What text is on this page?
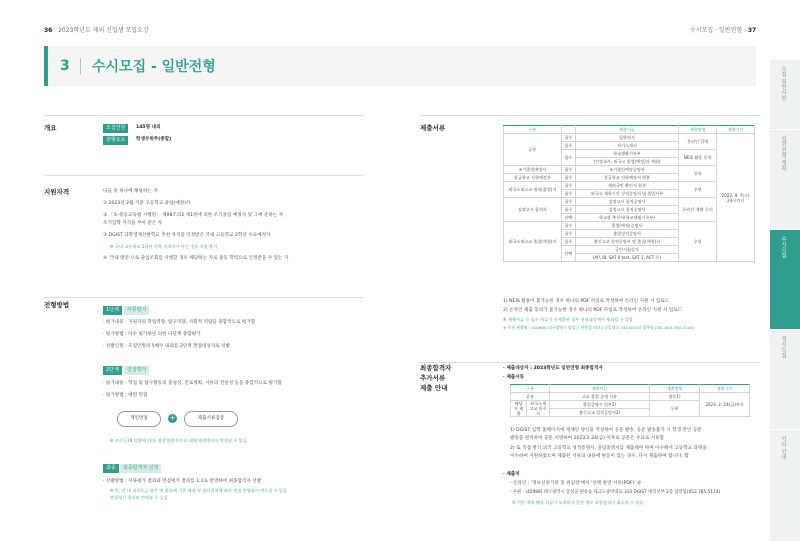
36 2023학년도 재외 신입생 모집요강	수시모집 · 일반전형 37
3 수시모집 - 일반전형	모집 일반사항
입학전형 계획
수시모집
정시모집
기타 안내
개요	모집인원	145명 내외
전형요소	학생부위주(종합)
지원자격	다음 중 하나에 해당하는 자
① 2023년 2월 기준 고등학교 졸업(예정)자
② 「초·중등교육법 시행령」 제98조의2 제1항에 의한 조기졸업 예정자 및 그에 준하는 자
조기입학 자격을 부여 받은 자
③ DGIST 과학영재선발학교 추천 자격을 인정받은 국내 고등학교 2학년 수료예정자
※ 국내 고등학교 2학년 진학 자격자가 아닌 경우 지원 불가
④ '국내 방문'으로 졸업조회를 시행할 경우 해당하는 자로 중등 학력으로 인정받을 수 있는 자
전형방법
1단계	서류평가
· 평가내용 : 지원자의 학업역량, 탐구역량, 사회적 역량을 종합적으로 평가함
· 평가방법 : 다수 평가위원 의한 다단계 종합평가
· 선발인원 : 모집인원의 5배수 내외를 2단계 면접대상자로 선발
2단계	면접평가
· 평가내용 : 학업 및 탐구활동의 충실성, 진로계획, 서류의 진실성 등을 종합적으로 평가함
· 평가방법 : 대면 면접
개인면접	+	제출서류검증
※ 코로나19 상황에 따라, 화상면접 등으로 대체 면접방식이 변경될 수 있음
최종	최종합격자 선정
· 선발방법 : 서류평가 결과와 면접평가 결과를 1:1로 반영하여 최종합격자 선발
※ 단, 각 내 과목등급 평가 및 발표에 기준 배점 및 심사결과에 따라 면접 반영률이 변동될 수 있음
면접평가 결과의 반영률 수 있음
제출서류	구분		제출서류	제출방법	제출기간
공통	필수	입학원서	온라인 입력	2022. 9. 7(수) 24시까지
	필수	자기소개서		
	필수	학교생활기록부	NEIS 활용 동의	
		(인정교사, 외국고 졸업(예정)자 제외)		
조기졸업예정자	필수	조기졸업예정증명서	등록	
상급학교 진학예정자	필수	상급학교 진학예정서 원본		
외국소재고교 재학(졸업)자	필수	재외국민 확인서 원본	우편	
	필수	외국고 재학기간 성적증명서 및 졸업사본		
검정고시 합격자	필수	검정고시 합격증명서	온라인 제출 동의	
	필수	검정고시 성적증명서		
	선택	학교장 추천서(학교생활기록부)		
외국소재고교 졸업(예정)자	필수	졸업(예정)증명서	우편	
	필수	졸업성적증명서		
	필수	출신고교 성적증명서 및 졸업(예정)서		
	선택	공인시험성적		
		(AP, IB, SAT II test, SAT 1, ACT 등)		
1) NEIS 활용이 불가능한 경우 하나의 PDF 파일로 작성하여 온라인 지원 시 업로드
2) 온라인 제출 동의가 불가능한 경우 하나의 PDF 파일로 작성하여 온라인 지원 시 업로드
※ 제출서류 중 필수 서류가 미제출된 경우 전형대상에서 제외될 수 있음
※ 우편 제출처 : (42988) 대구광역시 달성군 현풍읍 테크노중앙대로 333 DGIST 입학팀 (TEL:053-785-5114)
최종합격자
추가서류
제출 안내
· 제출대상자 : 2023학년도 일반전형 최종합격자
· 제출서류
구분		제출서류	제출방법	제출기간
공통		고교 졸업 증명 사유	방문1)	2023. 2. 24(금)까지
해당자 제출	외국소재고교 이수자	졸업증명서 원본2)	우편	
		출신고교 성적증명서2)		
1) DGIST 입학 홈페이지에 게재된 양식을 작성하여 공문 발송, 공문 발송불가 시 학생 본인 공문
발송을 원칙하여 공문 서명하여 2023.2.24(금) 이후로 공문은 우표로 서류함
2) 또 직접 방식 외국 고등학교 성적증명서, 졸업증명서를 제출해야 하며 이수해서 고등학교 과정을
이수하여 지원하였으며 제출된 서류의 내용에 변동이 있는 경우, 다시 제출하여 합니다. 함
· 제출처
- 온라인 : '정보신청기관 및 위임장'에서 '선택 관련 서류(PDF)' 순
- 우편 : (42988) 대구광역시 달성군 현풍읍 테크노중앙대로 333 DGIST 대학본부 2층 입학팀(053.785.5114)
※ 기한 내에 해당 서류가 도착하지 않은 경우 최종합격이 취소될 수 있음
